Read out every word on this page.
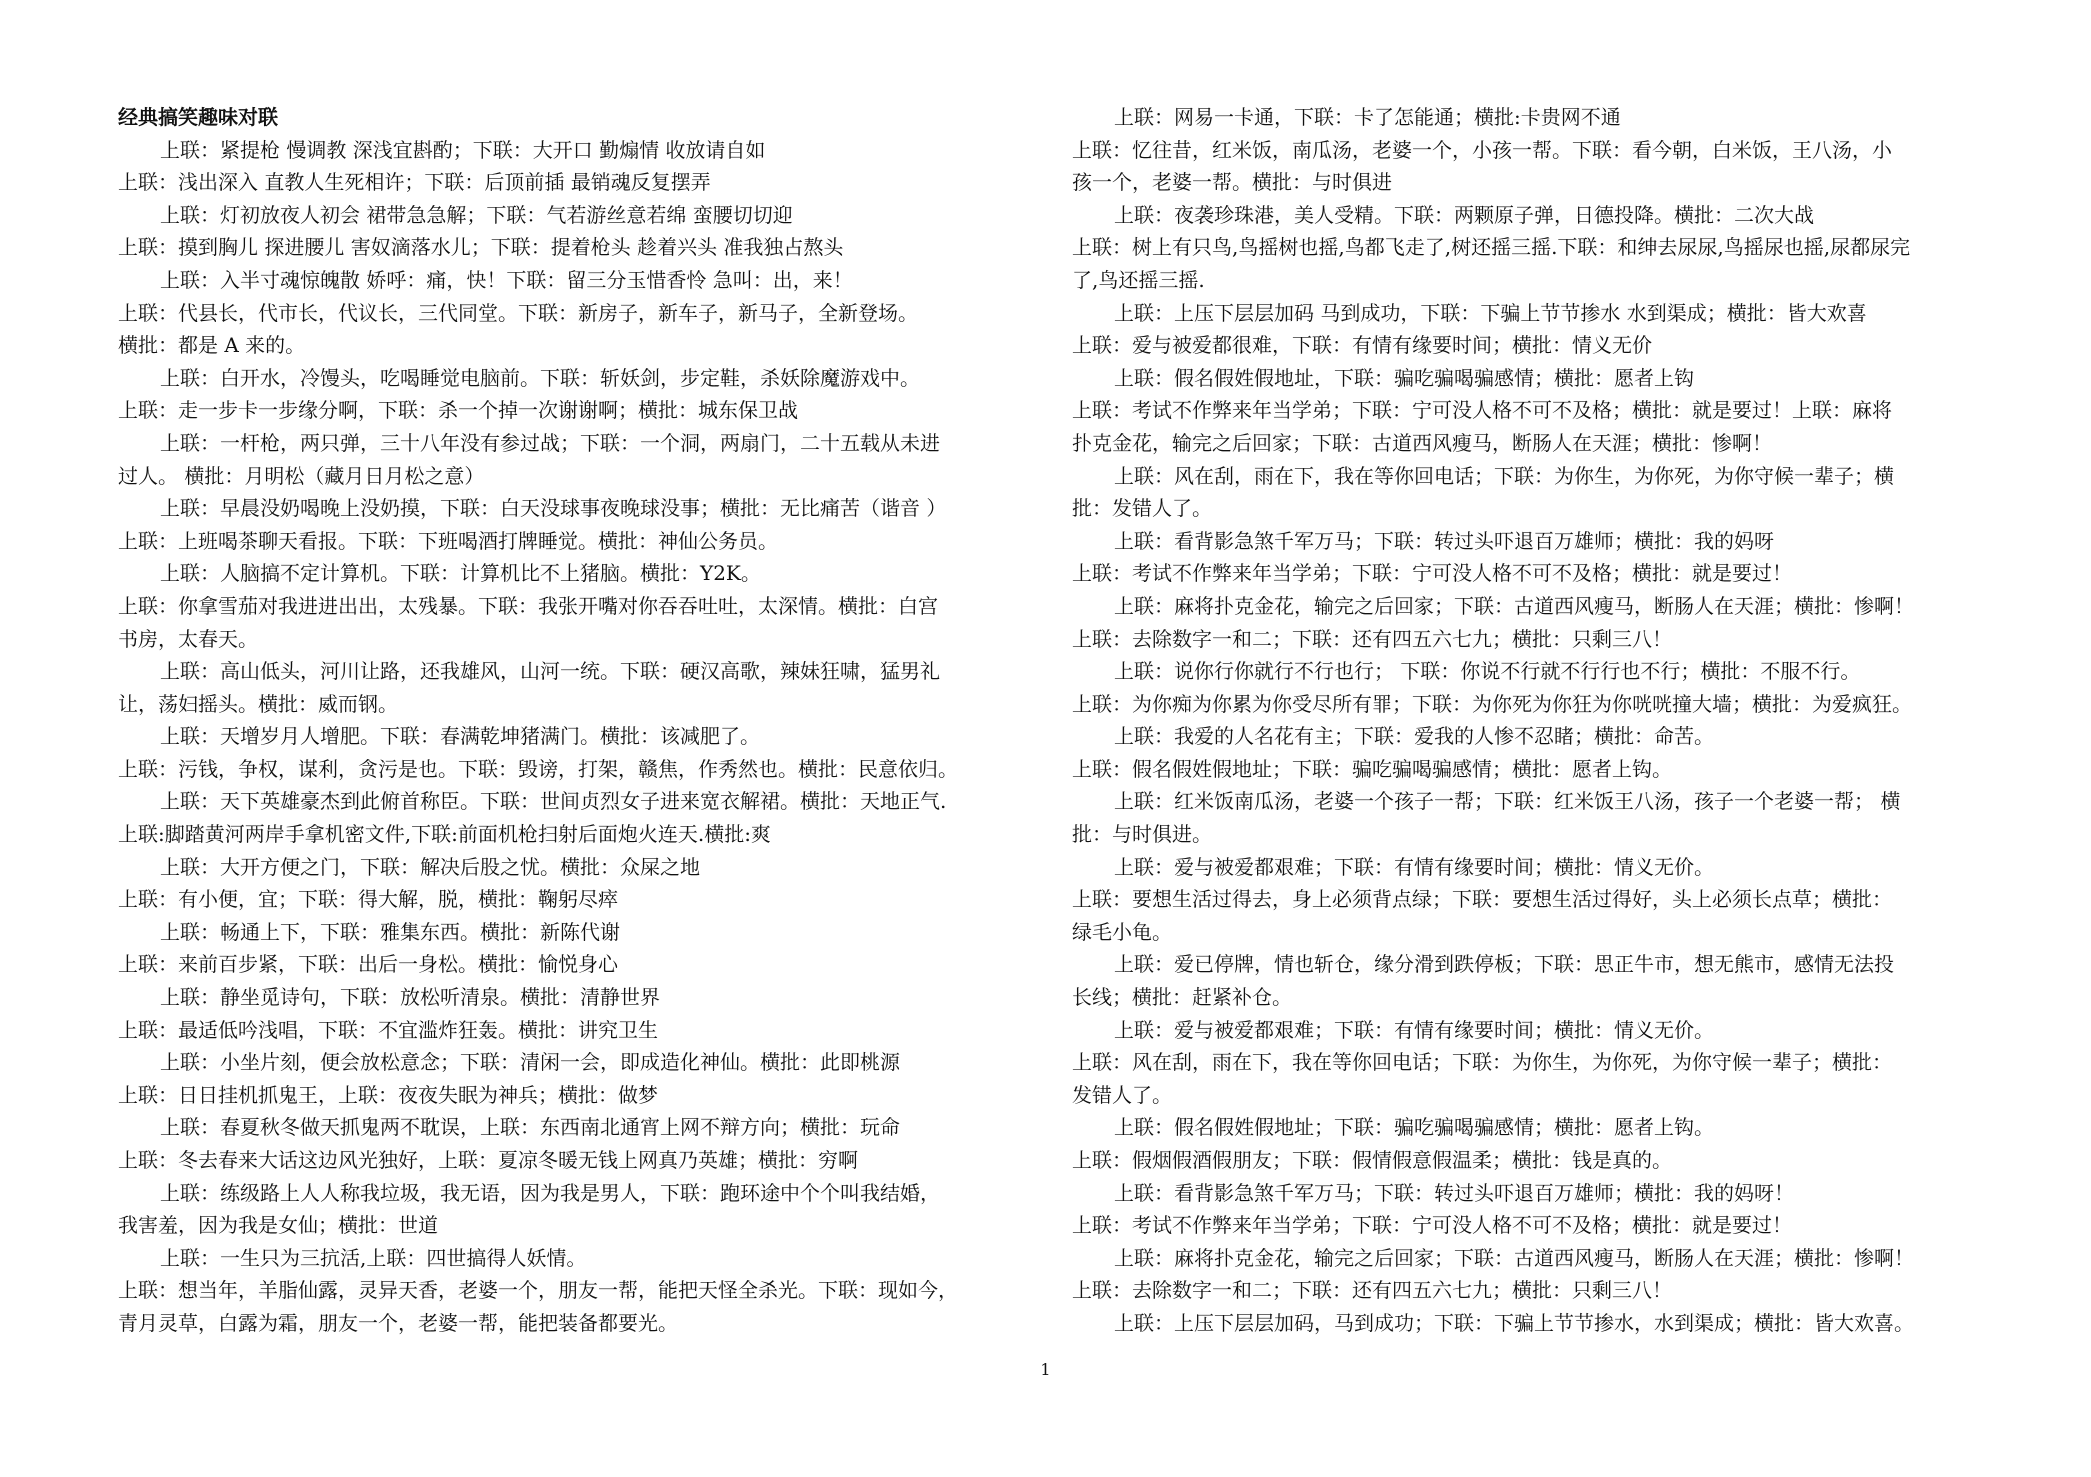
经典搞笑趣味对联
上联：紧提枪 慢调教 深浅宜斟酌；下联：大开口 勤煽情 收放请自如
上联：浅出深入 直教人生死相许；下联：后顶前插 最销魂反复摆弄
上联：灯初放夜人初会 裙带急急解；下联：气若游丝意若绵 蛮腰切切迎
上联：摸到胸儿 探进腰儿 害奴滴落水儿；下联：提着枪头 趁着兴头 准我独占熬头
上联：入半寸魂惊魄散 娇呼：痛，快！下联：留三分玉惜香怜 急叫：出，来！
上联：代县长，代市长，代议长，三代同堂。下联：新房子，新车子，新马子，全新登场。
横批：都是 A 来的。
上联：白开水，冷馒头，吃喝睡觉电脑前。下联：斩妖剑，步定鞋，杀妖除魔游戏中。
上联：走一步卡一步缘分啊，下联：杀一个掉一次谢谢啊；横批：城东保卫战
上联：一杆枪，两只弹，三十八年没有参过战；下联：一个洞，两扇门，二十五载从未进
过人。 横批：月明松（藏月日月松之意）
上联：早晨没奶喝晚上没奶摸，下联：白天没球事夜晚球没事；横批：无比痛苦（谐音 ）
上联：上班喝茶聊天看报。下联：下班喝酒打牌睡觉。横批：神仙公务员。
上联：人脑搞不定计算机。下联：计算机比不上猪脑。横批：Y2K。
上联：你拿雪茄对我进进出出，太残暴。下联：我张开嘴对你吞吞吐吐，太深情。横批：白宫
书房，太春天。
上联：高山低头，河川让路，还我雄风，山河一统。下联：硬汉高歌，辣妹狂啸，猛男礼
让，荡妇摇头。横批：威而钢。
上联：天增岁月人增肥。下联：春满乾坤猪满门。横批：该减肥了。
上联：污钱，争权，谋利，贪污是也。下联：毁谤，打架，赣焦，作秀然也。横批：民意依归。
上联：天下英雄豪杰到此俯首称臣。下联：世间贞烈女子进来宽衣解裙。横批：天地正气.
上联:脚踏黄河两岸手拿机密文件,下联:前面机枪扫射后面炮火连天.横批:爽
上联：大开方便之门，下联：解决后股之忧。横批：众屎之地
上联：有小便，宜；下联：得大解，脱，横批：鞠躬尽瘁
上联：畅通上下，下联：雅集东西。横批：新陈代谢
上联：来前百步紧，下联：出后一身松。横批：愉悦身心
上联：静坐觅诗句，下联：放松听清泉。横批：清静世界
上联：最适低吟浅唱，下联：不宜滥炸狂轰。横批：讲究卫生
上联：小坐片刻，便会放松意念；下联：清闲一会，即成造化神仙。横批：此即桃源
上联：日日挂机抓鬼王，上联：夜夜失眠为神兵；横批：做梦
上联：春夏秋冬做天抓鬼两不耽误，上联：东西南北通宵上网不辩方向；横批：玩命
上联：冬去春来大话这边风光独好，上联：夏凉冬暖无钱上网真乃英雄；横批：穷啊
上联：练级路上人人称我垃圾，我无语，因为我是男人，下联：跑环途中个个叫我结婚，
我害羞，因为我是女仙；横批：世道
上联：一生只为三抗活,上联：四世搞得人妖情。
上联：想当年，羊脂仙露，灵异天香，老婆一个，朋友一帮，能把天怪全杀光。下联：现如今，
青月灵草，白露为霜，朋友一个，老婆一帮，能把装备都要光。
上联：网易一卡通，下联：卡了怎能通；横批:卡贵网不通
上联：忆往昔，红米饭，南瓜汤，老婆一个，小孩一帮。下联：看今朝，白米饭，王八汤，小
孩一个，老婆一帮。横批：与时俱进
上联：夜袭珍珠港，美人受精。下联：两颗原子弹，日德投降。横批：二次大战
上联：树上有只鸟,鸟摇树也摇,鸟都飞走了,树还摇三摇.下联：和绅去尿尿,鸟摇尿也摇,尿都尿完
了,鸟还摇三摇.
上联：上压下层层加码 马到成功，下联：下骗上节节掺水 水到渠成；横批：皆大欢喜
上联：爱与被爱都很难，下联：有情有缘要时间；横批：情义无价
上联：假名假姓假地址，下联：骗吃骗喝骗感情；横批：愿者上钩
上联：考试不作弊来年当学弟；下联：宁可没人格不可不及格；横批：就是要过！上联：麻将
扑克金花，输完之后回家；下联：古道西风瘦马，断肠人在天涯；横批：惨啊！
上联：风在刮，雨在下，我在等你回电话；下联：为你生，为你死，为你守候一辈子；横
批：发错人了。
上联：看背影急煞千军万马；下联：转过头吓退百万雄师；横批：我的妈呀
上联：考试不作弊来年当学弟；下联：宁可没人格不可不及格；横批：就是要过！
上联：麻将扑克金花，输完之后回家；下联：古道西风瘦马，断肠人在天涯；横批：惨啊！
上联：去除数字一和二；下联：还有四五六七九；横批：只剩三八！
上联：说你行你就行不行也行； 下联：你说不行就不行行也不行；横批：不服不行。
上联：为你痴为你累为你受尽所有罪；下联：为你死为你狂为你咣咣撞大墙；横批：为爱疯狂。
上联：我爱的人名花有主；下联：爱我的人惨不忍睹；横批：命苦。
上联：假名假姓假地址；下联：骗吃骗喝骗感情；横批：愿者上钩。
上联：红米饭南瓜汤，老婆一个孩子一帮；下联：红米饭王八汤，孩子一个老婆一帮； 横
批：与时俱进。
上联：爱与被爱都艰难；下联：有情有缘要时间；横批：情义无价。
上联：要想生活过得去，身上必须背点绿；下联：要想生活过得好，头上必须长点草；横批：
绿毛小龟。
上联：爱已停牌，情也斩仓，缘分滑到跌停板；下联：思正牛市，想无熊市，感情无法投
长线；横批：赶紧补仓。
上联：爱与被爱都艰难；下联：有情有缘要时间；横批：情义无价。
上联：风在刮，雨在下，我在等你回电话；下联：为你生，为你死，为你守候一辈子；横批：
发错人了。
上联：假名假姓假地址；下联：骗吃骗喝骗感情；横批：愿者上钩。
上联：假烟假酒假朋友；下联：假情假意假温柔；横批：钱是真的。
上联：看背影急煞千军万马；下联：转过头吓退百万雄师；横批：我的妈呀！
上联：考试不作弊来年当学弟；下联：宁可没人格不可不及格；横批：就是要过！
上联：麻将扑克金花，输完之后回家；下联：古道西风瘦马，断肠人在天涯；横批：惨啊！
上联：去除数字一和二；下联：还有四五六七九；横批：只剩三八！
上联：上压下层层加码，马到成功；下联：下骗上节节掺水，水到渠成；横批：皆大欢喜。
1
